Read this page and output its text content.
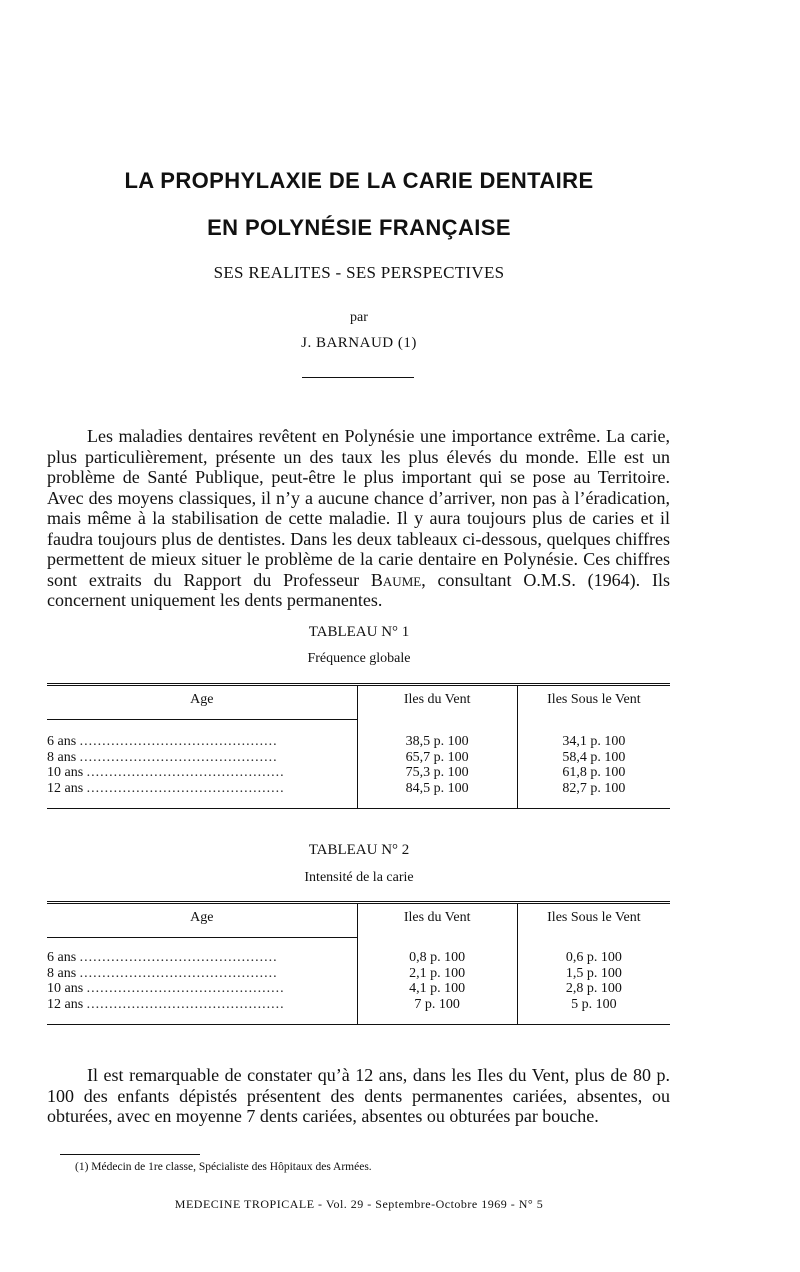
LA PROPHYLAXIE DE LA CARIE DENTAIRE
EN POLYNÉSIE FRANÇAISE
SES REALITES - SES PERSPECTIVES
par
J. BARNAUD (1)

Les maladies dentaires revêtent en Polynésie une importance extrême. La carie, plus particulièrement, présente un des taux les plus élevés du monde. Elle est un problème de Santé Publique, peut-être le plus important qui se pose au Territoire. Avec des moyens classiques, il n’y a aucune chance d’arriver, non pas à l’éradication, mais même à la stabilisation de cette maladie. Il y aura toujours plus de caries et il faudra toujours plus de dentistes. Dans les deux tableaux ci-dessous, quelques chiffres permettent de mieux situer le problème de la carie dentaire en Polynésie. Ces chiffres sont extraits du Rapport du Professeur Baume, consultant O.M.S. (1964). Ils concernent uniquement les dents permanentes.

TABLEAU N° 1
Fréquence globale
Age	Iles du Vent	Iles Sous le Vent

6 ans ............................................	38,5 p. 100	34,1 p. 100
8 ans ............................................	65,7 p. 100	58,4 p. 100
10 ans ............................................	75,3 p. 100	61,8 p. 100
12 ans ............................................	84,5 p. 100	82,7 p. 100

TABLEAU N° 2
Intensité de la carie
Age	Iles du Vent	Iles Sous le Vent

6 ans ............................................	0,8 p. 100	0,6 p. 100
8 ans ............................................	2,1 p. 100	1,5 p. 100
10 ans ............................................	4,1 p. 100	2,8 p. 100
12 ans ............................................	7 p. 100	5 p. 100

Il est remarquable de constater qu’à 12 ans, dans les Iles du Vent, plus de 80 p. 100 des enfants dépistés présentent des dents permanentes cariées, absentes, ou obturées, avec en moyenne 7 dents cariées, absentes ou obturées par bouche.

(1) Médecin de 1re classe, Spécialiste des Hôpitaux des Armées.
MEDECINE TROPICALE - Vol. 29 - Septembre-Octobre 1969 - N° 5
